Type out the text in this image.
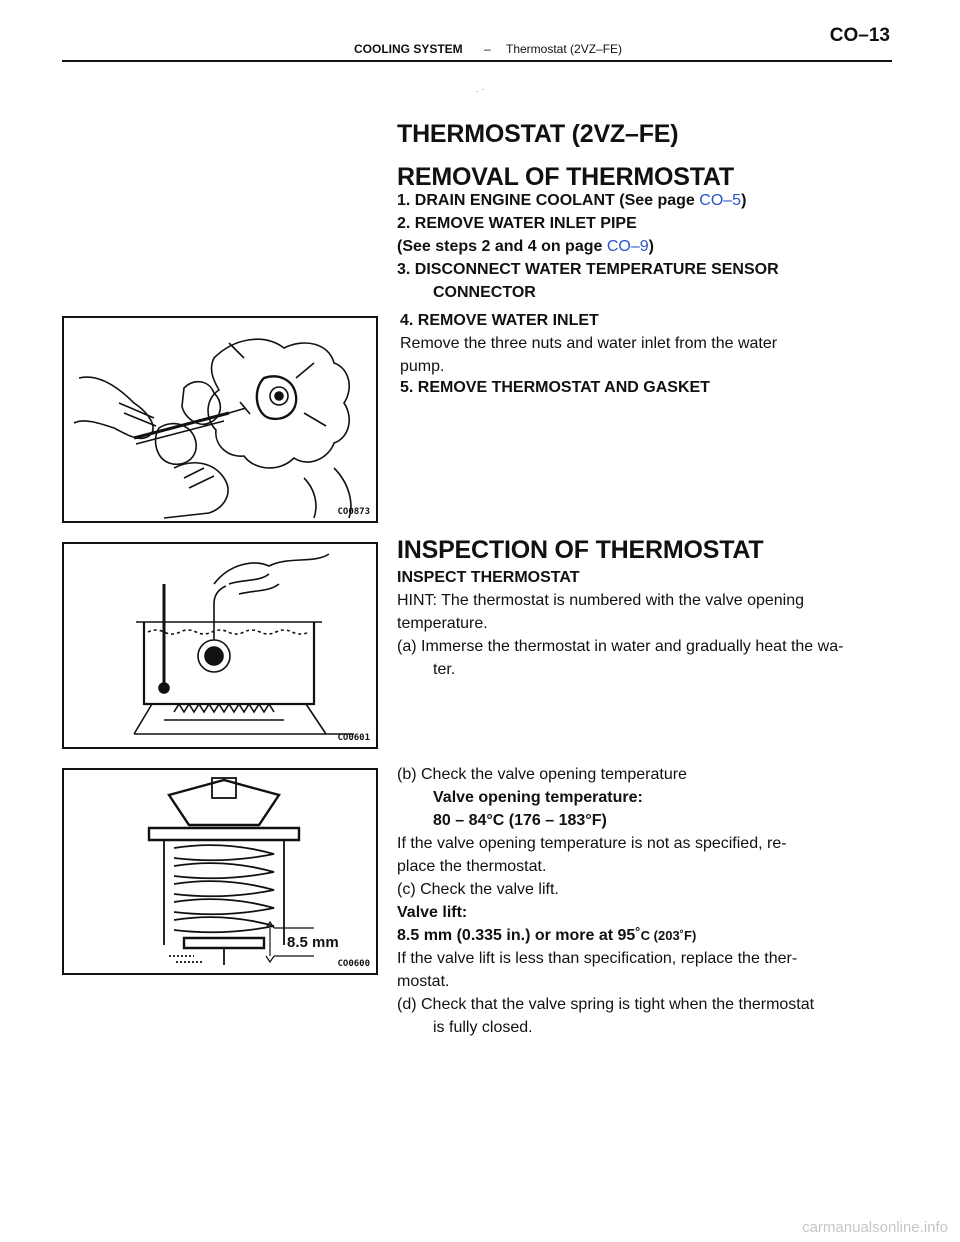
COOLING SYSTEM – Thermostat (2VZ–FE)
CO–13
. ·
THERMOSTAT (2VZ–FE)
REMOVAL OF THERMOSTAT
1. DRAIN ENGINE COOLANT (See page CO–5)
2. REMOVE WATER INLET PIPE
(See steps 2 and 4 on page CO–9)
3. DISCONNECT WATER TEMPERATURE SENSOR
CONNECTOR
4. REMOVE WATER INLET
Remove the three nuts and water inlet from the water
pump.
5. REMOVE THERMOSTAT AND GASKET
CO0873
INSPECTION OF THERMOSTAT
INSPECT THERMOSTAT
HINT: The thermostat is numbered with the valve opening
temperature.
(a) Immerse the thermostat in water and gradually heat the wa-
ter.
CO0601
(b) Check the valve opening temperature
Valve opening temperature:
80 – 84°C (176 – 183°F)
If the valve opening temperature is not as specified, re-
place the thermostat.
(c) Check the valve lift.
Valve lift:
8.5 mm (0.335 in.) or more at 95˚C (203˚F)
If the valve lift is less than specification, replace the ther-
mostat.
(d) Check that the valve spring is tight when the thermostat
is fully closed.
8.5 mm
CO0600
carmanualsonline.info
